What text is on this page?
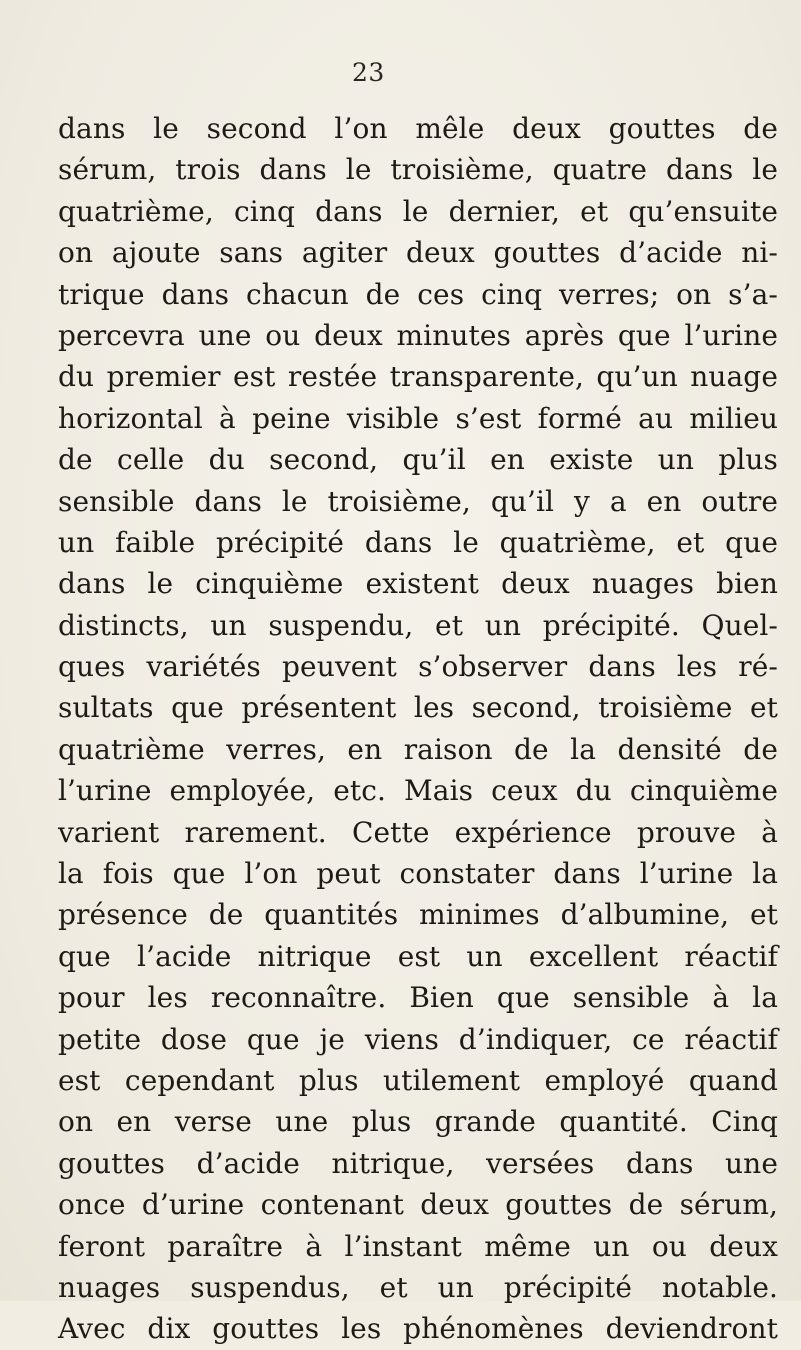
23
dans le second l’on mêle deux gouttes de
sérum, trois dans le troisième, quatre dans le
quatrième, cinq dans le dernier, et qu’ensuite
on ajoute sans agiter deux gouttes d’acide ni-
trique dans chacun de ces cinq verres; on s’a-
percevra une ou deux minutes après que l’urine
du premier est restée transparente, qu’un nuage
horizontal à peine visible s’est formé au milieu
de celle du second, qu’il en existe un plus
sensible dans le troisième, qu’il y a en outre
un faible précipité dans le quatrième, et que
dans le cinquième existent deux nuages bien
distincts, un suspendu, et un précipité. Quel-
ques variétés peuvent s’observer dans les ré-
sultats que présentent les second, troisième et
quatrième verres, en raison de la densité de
l’urine employée, etc. Mais ceux du cinquième
varient rarement. Cette expérience prouve à
la fois que l’on peut constater dans l’urine la
présence de quantités minimes d’albumine, et
que l’acide nitrique est un excellent réactif
pour les reconnaître. Bien que sensible à la
petite dose que je viens d’indiquer, ce réactif
est cependant plus utilement employé quand
on en verse une plus grande quantité. Cinq
gouttes d’acide nitrique, versées dans une
once d’urine contenant deux gouttes de sérum,
feront paraître à l’instant même un ou deux
nuages suspendus, et un précipité notable.
Avec dix gouttes les phénomènes deviendront
